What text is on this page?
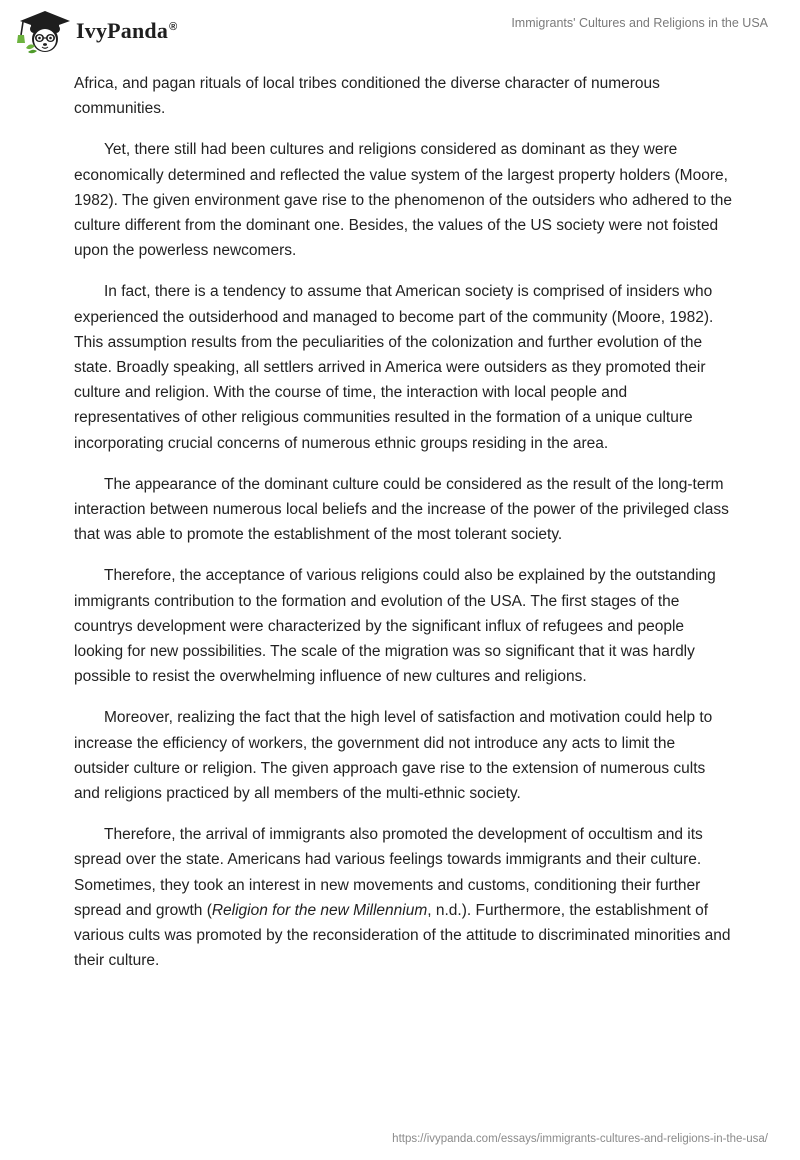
IvyPanda®	Immigrants' Cultures and Religions in the USA

Africa, and pagan rituals of local tribes conditioned the diverse character of numerous communities.

Yet, there still had been cultures and religions considered as dominant as they were economically determined and reflected the value system of the largest property holders (Moore, 1982). The given environment gave rise to the phenomenon of the outsiders who adhered to the culture different from the dominant one. Besides, the values of the US society were not foisted upon the powerless newcomers.

In fact, there is a tendency to assume that American society is comprised of insiders who experienced the outsiderhood and managed to become part of the community (Moore, 1982). This assumption results from the peculiarities of the colonization and further evolution of the state. Broadly speaking, all settlers arrived in America were outsiders as they promoted their culture and religion. With the course of time, the interaction with local people and representatives of other religious communities resulted in the formation of a unique culture incorporating crucial concerns of numerous ethnic groups residing in the area.

The appearance of the dominant culture could be considered as the result of the long-term interaction between numerous local beliefs and the increase of the power of the privileged class that was able to promote the establishment of the most tolerant society.

Therefore, the acceptance of various religions could also be explained by the outstanding immigrants contribution to the formation and evolution of the USA. The first stages of the countrys development were characterized by the significant influx of refugees and people looking for new possibilities. The scale of the migration was so significant that it was hardly possible to resist the overwhelming influence of new cultures and religions.

Moreover, realizing the fact that the high level of satisfaction and motivation could help to increase the efficiency of workers, the government did not introduce any acts to limit the outsider culture or religion. The given approach gave rise to the extension of numerous cults and religions practiced by all members of the multi-ethnic society.

Therefore, the arrival of immigrants also promoted the development of occultism and its spread over the state. Americans had various feelings towards immigrants and their culture. Sometimes, they took an interest in new movements and customs, conditioning their further spread and growth (Religion for the new Millennium, n.d.). Furthermore, the establishment of various cults was promoted by the reconsideration of the attitude to discriminated minorities and their culture.

https://ivypanda.com/essays/immigrants-cultures-and-religions-in-the-usa/
